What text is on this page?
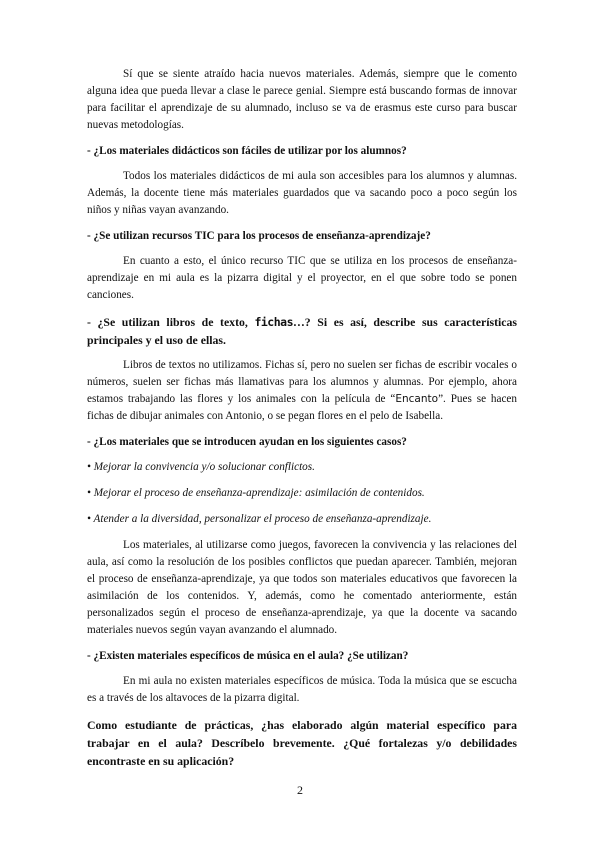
Sí que se siente atraído hacia nuevos materiales. Además, siempre que le comento alguna idea que pueda llevar a clase le parece genial. Siempre está buscando formas de innovar para facilitar el aprendizaje de su alumnado, incluso se va de erasmus este curso para buscar nuevas metodologías.

- ¿Los materiales didácticos son fáciles de utilizar por los alumnos?

Todos los materiales didácticos de mi aula son accesibles para los alumnos y alumnas. Además, la docente tiene más materiales guardados que va sacando poco a poco según los niños y niñas vayan avanzando.

- ¿Se utilizan recursos TIC para los procesos de enseñanza-aprendizaje?

En cuanto a esto, el único recurso TIC que se utiliza en los procesos de enseñanza-aprendizaje en mi aula es la pizarra digital y el proyector, en el que sobre todo se ponen canciones.

- ¿Se utilizan libros de texto, fichas…? Si es así, describe sus características principales y el uso de ellas.

Libros de textos no utilizamos. Fichas sí, pero no suelen ser fichas de escribir vocales o números, suelen ser fichas más llamativas para los alumnos y alumnas. Por ejemplo, ahora estamos trabajando las flores y los animales con la película de “Encanto”. Pues se hacen fichas de dibujar animales con Antonio, o se pegan flores en el pelo de Isabella.

- ¿Los materiales que se introducen ayudan en los siguientes casos?

• Mejorar la convivencia y/o solucionar conflictos.

• Mejorar el proceso de enseñanza-aprendizaje: asimilación de contenidos.

• Atender a la diversidad, personalizar el proceso de enseñanza-aprendizaje.

Los materiales, al utilizarse como juegos, favorecen la convivencia y las relaciones del aula, así como la resolución de los posibles conflictos que puedan aparecer. También, mejoran el proceso de enseñanza-aprendizaje, ya que todos son materiales educativos que favorecen la asimilación de los contenidos. Y, además, como he comentado anteriormente, están personalizados según el proceso de enseñanza-aprendizaje, ya que la docente va sacando materiales nuevos según vayan avanzando el alumnado.

- ¿Existen materiales específicos de música en el aula? ¿Se utilizan?

En mi aula no existen materiales específicos de música. Toda la música que se escucha es a través de los altavoces de la pizarra digital.

Como estudiante de prácticas, ¿has elaborado algún material específico para trabajar en el aula? Descríbelo brevemente. ¿Qué fortalezas y/o debilidades encontraste en su aplicación?

2
